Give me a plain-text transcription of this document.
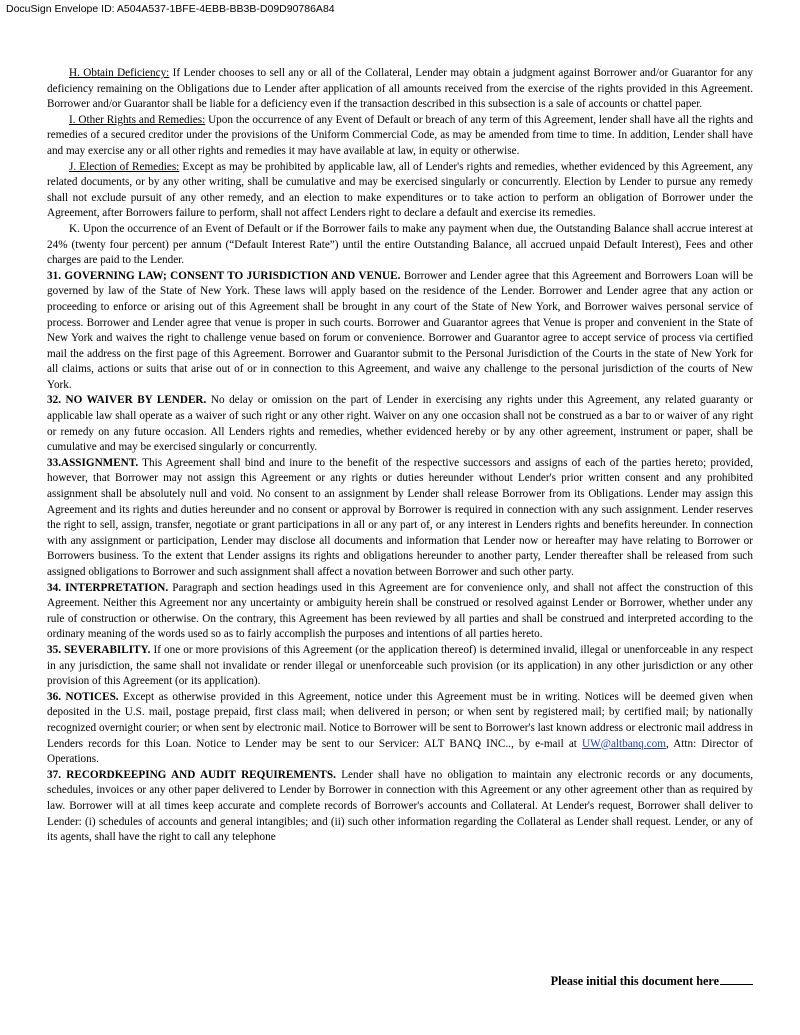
DocuSign Envelope ID: A504A537-1BFE-4EBB-BB3B-D09D90786A84

H. Obtain Deficiency: If Lender chooses to sell any or all of the Collateral, Lender may obtain a judgment against Borrower and/or Guarantor for any deficiency remaining on the Obligations due to Lender after application of all amounts received from the exercise of the rights provided in this Agreement. Borrower and/or Guarantor shall be liable for a deficiency even if the transaction described in this subsection is a sale of accounts or chattel paper.

I. Other Rights and Remedies: Upon the occurrence of any Event of Default or breach of any term of this Agreement, lender shall have all the rights and remedies of a secured creditor under the provisions of the Uniform Commercial Code, as may be amended from time to time. In addition, Lender shall have and may exercise any or all other rights and remedies it may have available at law, in equity or otherwise.

J. Election of Remedies: Except as may be prohibited by applicable law, all of Lender's rights and remedies, whether evidenced by this Agreement, any related documents, or by any other writing, shall be cumulative and may be exercised singularly or concurrently. Election by Lender to pursue any remedy shall not exclude pursuit of any other remedy, and an election to make expenditures or to take action to perform an obligation of Borrower under the Agreement, after Borrowers failure to perform, shall not affect Lenders right to declare a default and exercise its remedies.

K. Upon the occurrence of an Event of Default or if the Borrower fails to make any payment when due, the Outstanding Balance shall accrue interest at 24% (twenty four percent) per annum (“Default Interest Rate”) until the entire Outstanding Balance, all accrued unpaid Default Interest), Fees and other charges are paid to the Lender.

31. GOVERNING LAW; CONSENT TO JURISDICTION AND VENUE. Borrower and Lender agree that this Agreement and Borrowers Loan will be governed by law of the State of New York. These laws will apply based on the residence of the Lender. Borrower and Lender agree that any action or proceeding to enforce or arising out of this Agreement shall be brought in any court of the State of New York, and Borrower waives personal service of process. Borrower and Lender agree that venue is proper in such courts. Borrower and Guarantor agrees that Venue is proper and convenient in the State of New York and waives the right to challenge venue based on forum or convenience. Borrower and Guarantor agree to accept service of process via certified mail the address on the first page of this Agreement. Borrower and Guarantor submit to the Personal Jurisdiction of the Courts in the state of New York for all claims, actions or suits that arise out of or in connection to this Agreement, and waive any challenge to the personal jurisdiction of the courts of New York.

32. NO WAIVER BY LENDER. No delay or omission on the part of Lender in exercising any rights under this Agreement, any related guaranty or applicable law shall operate as a waiver of such right or any other right. Waiver on any one occasion shall not be construed as a bar to or waiver of any right or remedy on any future occasion. All Lenders rights and remedies, whether evidenced hereby or by any other agreement, instrument or paper, shall be cumulative and may be exercised singularly or concurrently.

33.ASSIGNMENT. This Agreement shall bind and inure to the benefit of the respective successors and assigns of each of the parties hereto; provided, however, that Borrower may not assign this Agreement or any rights or duties hereunder without Lender's prior written consent and any prohibited assignment shall be absolutely null and void. No consent to an assignment by Lender shall release Borrower from its Obligations. Lender may assign this Agreement and its rights and duties hereunder and no consent or approval by Borrower is required in connection with any such assignment. Lender reserves the right to sell, assign, transfer, negotiate or grant participations in all or any part of, or any interest in Lenders rights and benefits hereunder. In connection with any assignment or participation, Lender may disclose all documents and information that Lender now or hereafter may have relating to Borrower or Borrowers business. To the extent that Lender assigns its rights and obligations hereunder to another party, Lender thereafter shall be released from such assigned obligations to Borrower and such assignment shall affect a novation between Borrower and such other party.

34. INTERPRETATION. Paragraph and section headings used in this Agreement are for convenience only, and shall not affect the construction of this Agreement. Neither this Agreement nor any uncertainty or ambiguity herein shall be construed or resolved against Lender or Borrower, whether under any rule of construction or otherwise. On the contrary, this Agreement has been reviewed by all parties and shall be construed and interpreted according to the ordinary meaning of the words used so as to fairly accomplish the purposes and intentions of all parties hereto.

35. SEVERABILITY. If one or more provisions of this Agreement (or the application thereof) is determined invalid, illegal or unenforceable in any respect in any jurisdiction, the same shall not invalidate or render illegal or unenforceable such provision (or its application) in any other jurisdiction or any other provision of this Agreement (or its application).

36. NOTICES. Except as otherwise provided in this Agreement, notice under this Agreement must be in writing. Notices will be deemed given when deposited in the U.S. mail, postage prepaid, first class mail; when delivered in person; or when sent by registered mail; by certified mail; by nationally recognized overnight courier; or when sent by electronic mail. Notice to Borrower will be sent to Borrower's last known address or electronic mail address in Lenders records for this Loan. Notice to Lender may be sent to our Servicer: ALT BANQ INC.., by e-mail at UW@altbanq.com, Attn: Director of Operations.

37. RECORDKEEPING AND AUDIT REQUIREMENTS. Lender shall have no obligation to maintain any electronic records or any documents, schedules, invoices or any other paper delivered to Lender by Borrower in connection with this Agreement or any other agreement other than as required by law. Borrower will at all times keep accurate and complete records of Borrower's accounts and Collateral. At Lender's request, Borrower shall deliver to Lender: (i) schedules of accounts and general intangibles; and (ii) such other information regarding the Collateral as Lender shall request. Lender, or any of its agents, shall have the right to call any telephone

Please initial this document here
